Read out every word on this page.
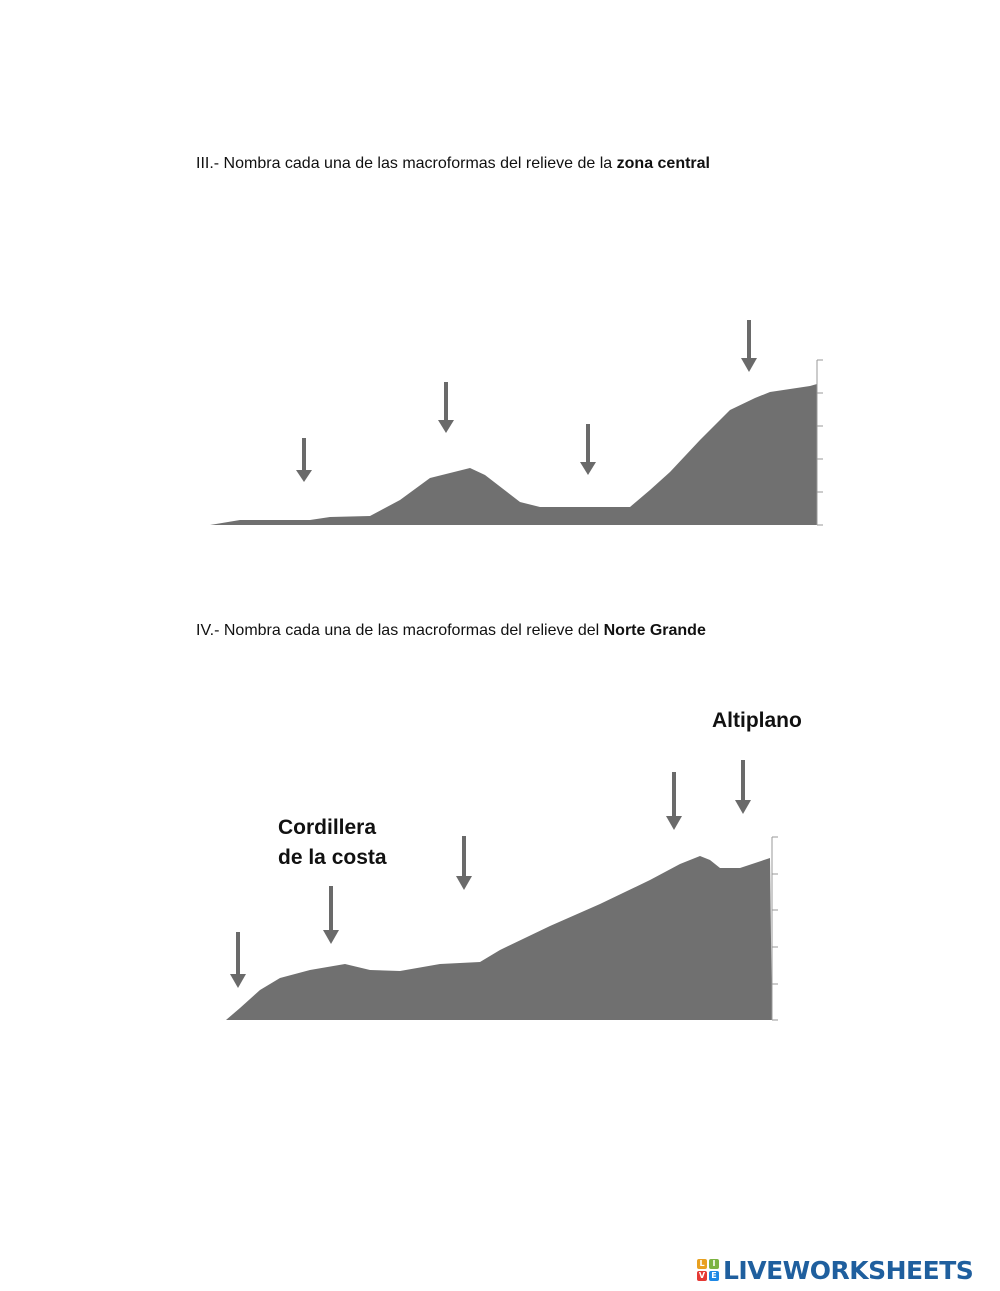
III.- Nombra cada una de las macroformas del relieve de la zona central
IV.- Nombra cada una de las macroformas del relieve del Norte Grande
Altiplano
Cordillera
de la costa
L I
V E LIVEWORKSHEETS
